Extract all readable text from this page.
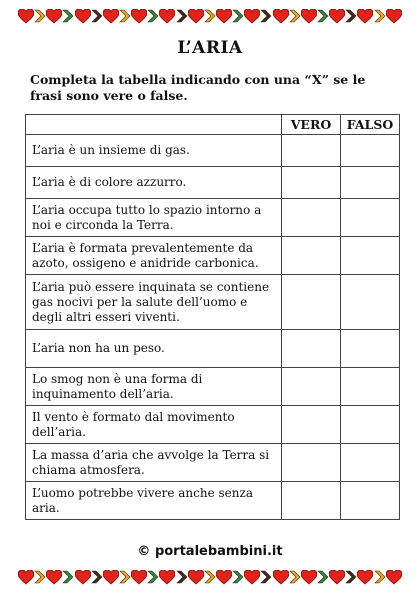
L’ARIA
Completa la tabella indicando con una “X” se le frasi sono vere o false.
	VERO	FALSO
L’aria è un insieme di gas.		
L’aria è di colore azzurro.		
L’aria occupa tutto lo spazio intorno a noi e circonda la Terra.		
L’aria è formata prevalentemente da azoto, ossigeno e anidride carbonica.		
L’aria può essere inquinata se contiene gas nocivi per la salute dell’uomo e degli altri esseri viventi.		
L’aria non ha un peso.		
Lo smog non è una forma di inquinamento dell’aria.		
Il vento è formato dal movimento dell’aria.		
La massa d’aria che avvolge la Terra si chiama atmosfera.		
L’uomo potrebbe vivere anche senza aria.		
© portalebambini.it
